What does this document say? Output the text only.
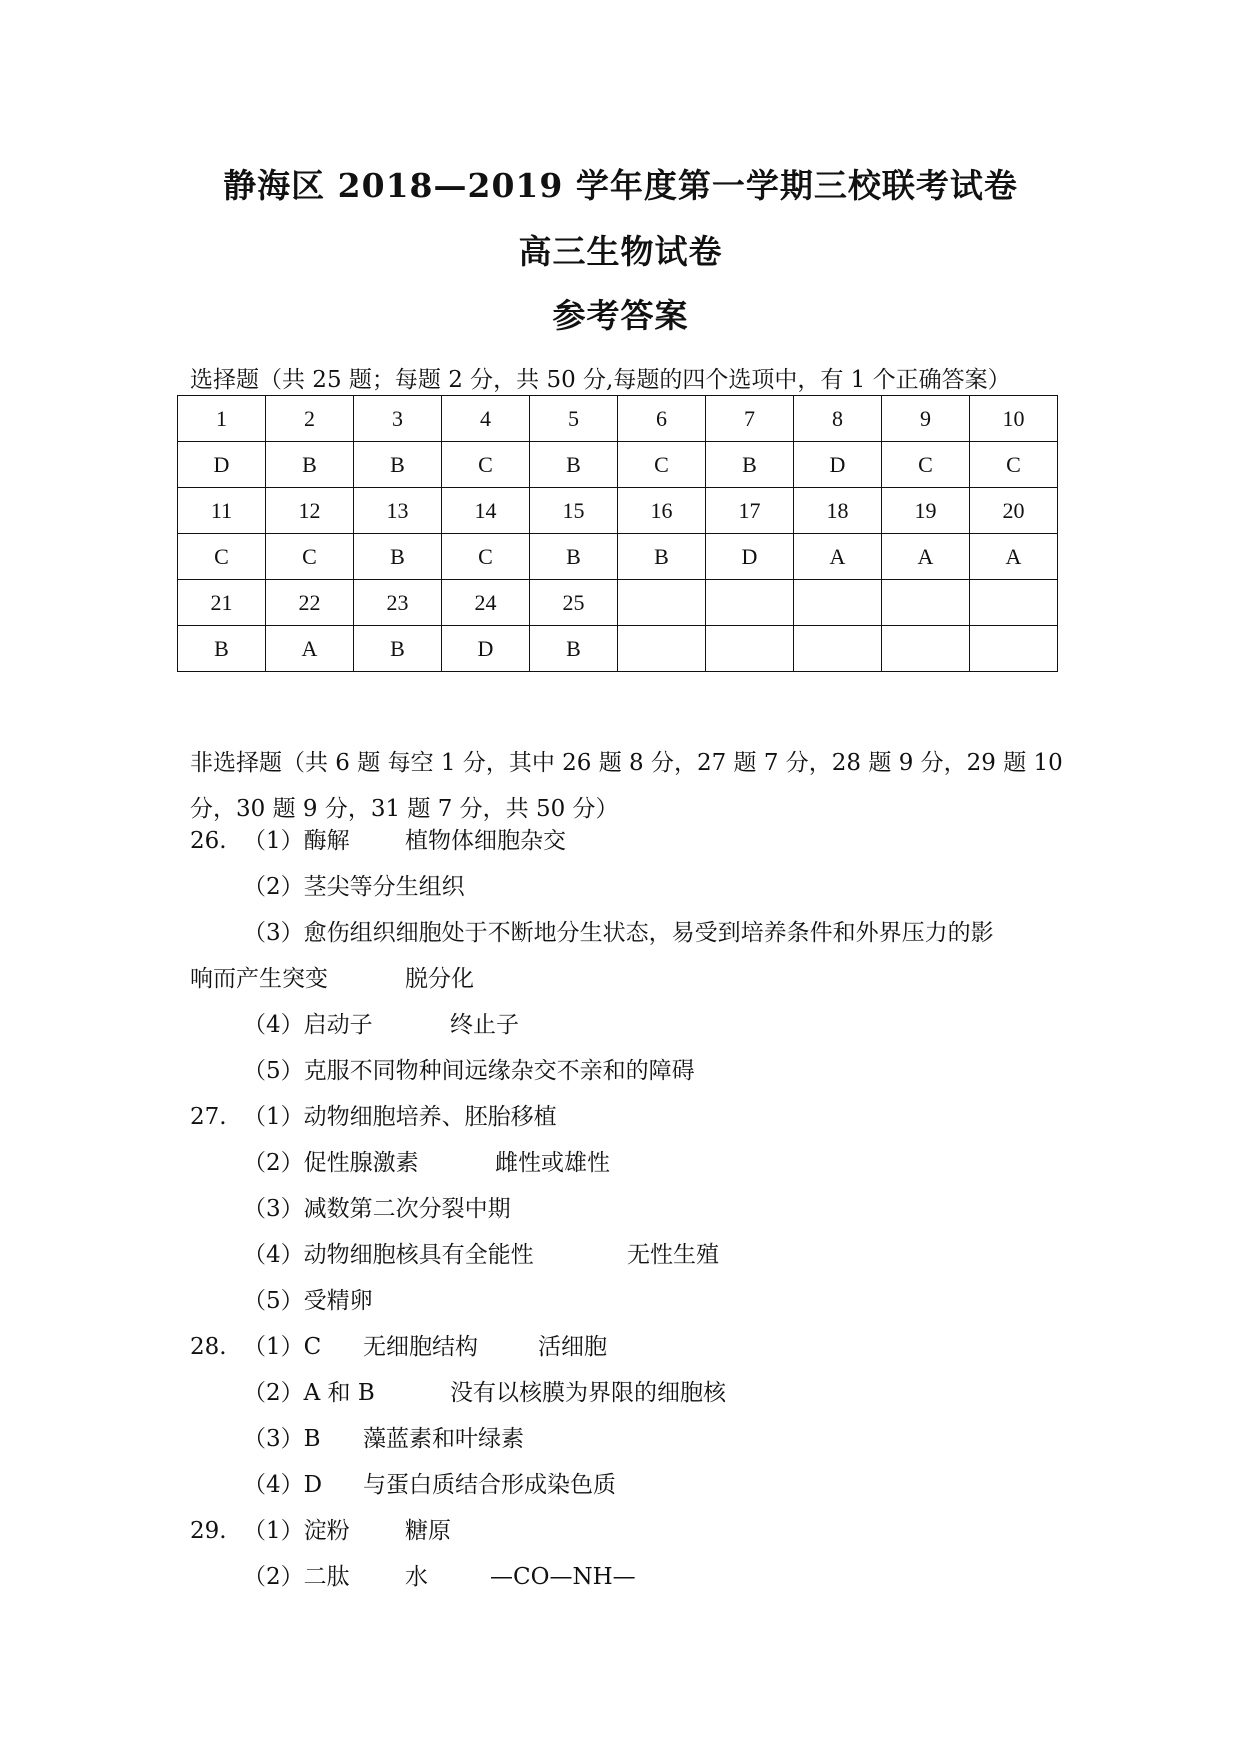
静海区 2018—2019 学年度第一学期三校联考试卷
高三生物试卷
参考答案
选择题（共 25 题；每题 2 分，共 50 分,每题的四个选项中，有 1 个正确答案）
1	2	3	4	5	6	7	8	9	10
D	B	B	C	B	C	B	D	C	C
11	12	13	14	15	16	17	18	19	20
C	C	B	C	B	B	D	A	A	A
21	22	23	24	25					
B	A	B	D	B					
非选择题（共 6 题 每空 1 分，其中 26 题 8 分，27 题 7 分，28 题 9 分，29 题 10 分，30 题 9 分，31 题 7 分，共 50 分）
26. （1）酶解 植物体细胞杂交
（2）茎尖等分生组织
（3）愈伤组织细胞处于不断地分生状态，易受到培养条件和外界压力的影
响而产生突变	脱分化
（4）启动子	终止子
（5）克服不同物种间远缘杂交不亲和的障碍
27. （1）动物细胞培养、胚胎移植
（2）促性腺激素	雌性或雄性
（3）减数第二次分裂中期
（4）动物细胞核具有全能性	无性生殖
（5）受精卵
28. （1）C 无细胞结构	活细胞
（2）A 和 B	没有以核膜为界限的细胞核
（3）B 藻蓝素和叶绿素
（4）D 与蛋白质结合形成染色质
29. （1）淀粉 糖原
（2）二肽 水	—CO—NH—
